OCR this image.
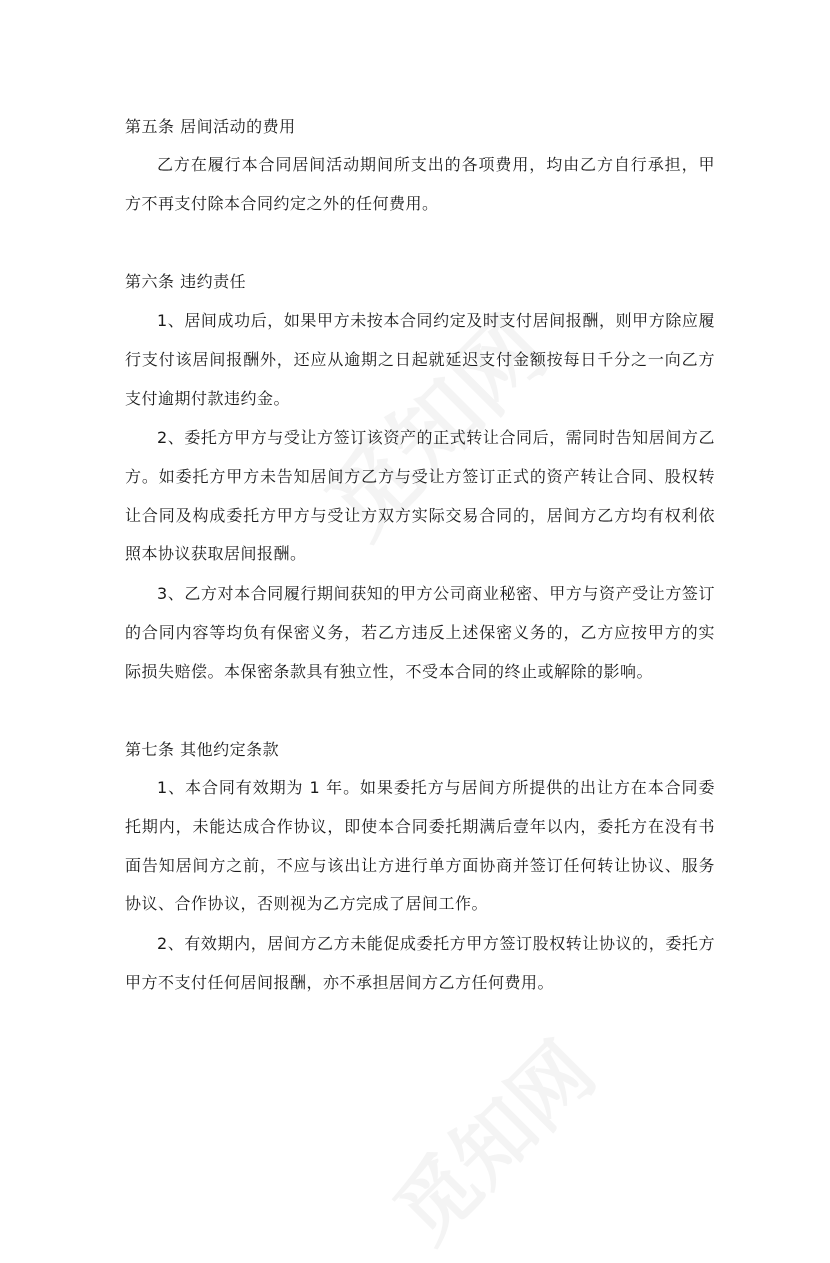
第五条 居间活动的费用
乙方在履行本合同居间活动期间所支出的各项费用，均由乙方自行承担，甲方不再支付除本合同约定之外的任何费用。
第六条 违约责任
1、居间成功后，如果甲方未按本合同约定及时支付居间报酬，则甲方除应履行支付该居间报酬外，还应从逾期之日起就延迟支付金额按每日千分之一向乙方支付逾期付款违约金。
2、委托方甲方与受让方签订该资产的正式转让合同后，需同时告知居间方乙方。如委托方甲方未告知居间方乙方与受让方签订正式的资产转让合同、股权转让合同及构成委托方甲方与受让方双方实际交易合同的，居间方乙方均有权利依照本协议获取居间报酬。
3、乙方对本合同履行期间获知的甲方公司商业秘密、甲方与资产受让方签订的合同内容等均负有保密义务，若乙方违反上述保密义务的，乙方应按甲方的实际损失赔偿。本保密条款具有独立性，不受本合同的终止或解除的影响。
第七条 其他约定条款
1、本合同有效期为 1 年。如果委托方与居间方所提供的出让方在本合同委托期内，未能达成合作协议，即使本合同委托期满后壹年以内，委托方在没有书面告知居间方之前，不应与该出让方进行单方面协商并签订任何转让协议、服务协议、合作协议，否则视为乙方完成了居间工作。
2、有效期内，居间方乙方未能促成委托方甲方签订股权转让协议的，委托方甲方不支付任何居间报酬，亦不承担居间方乙方任何费用。
